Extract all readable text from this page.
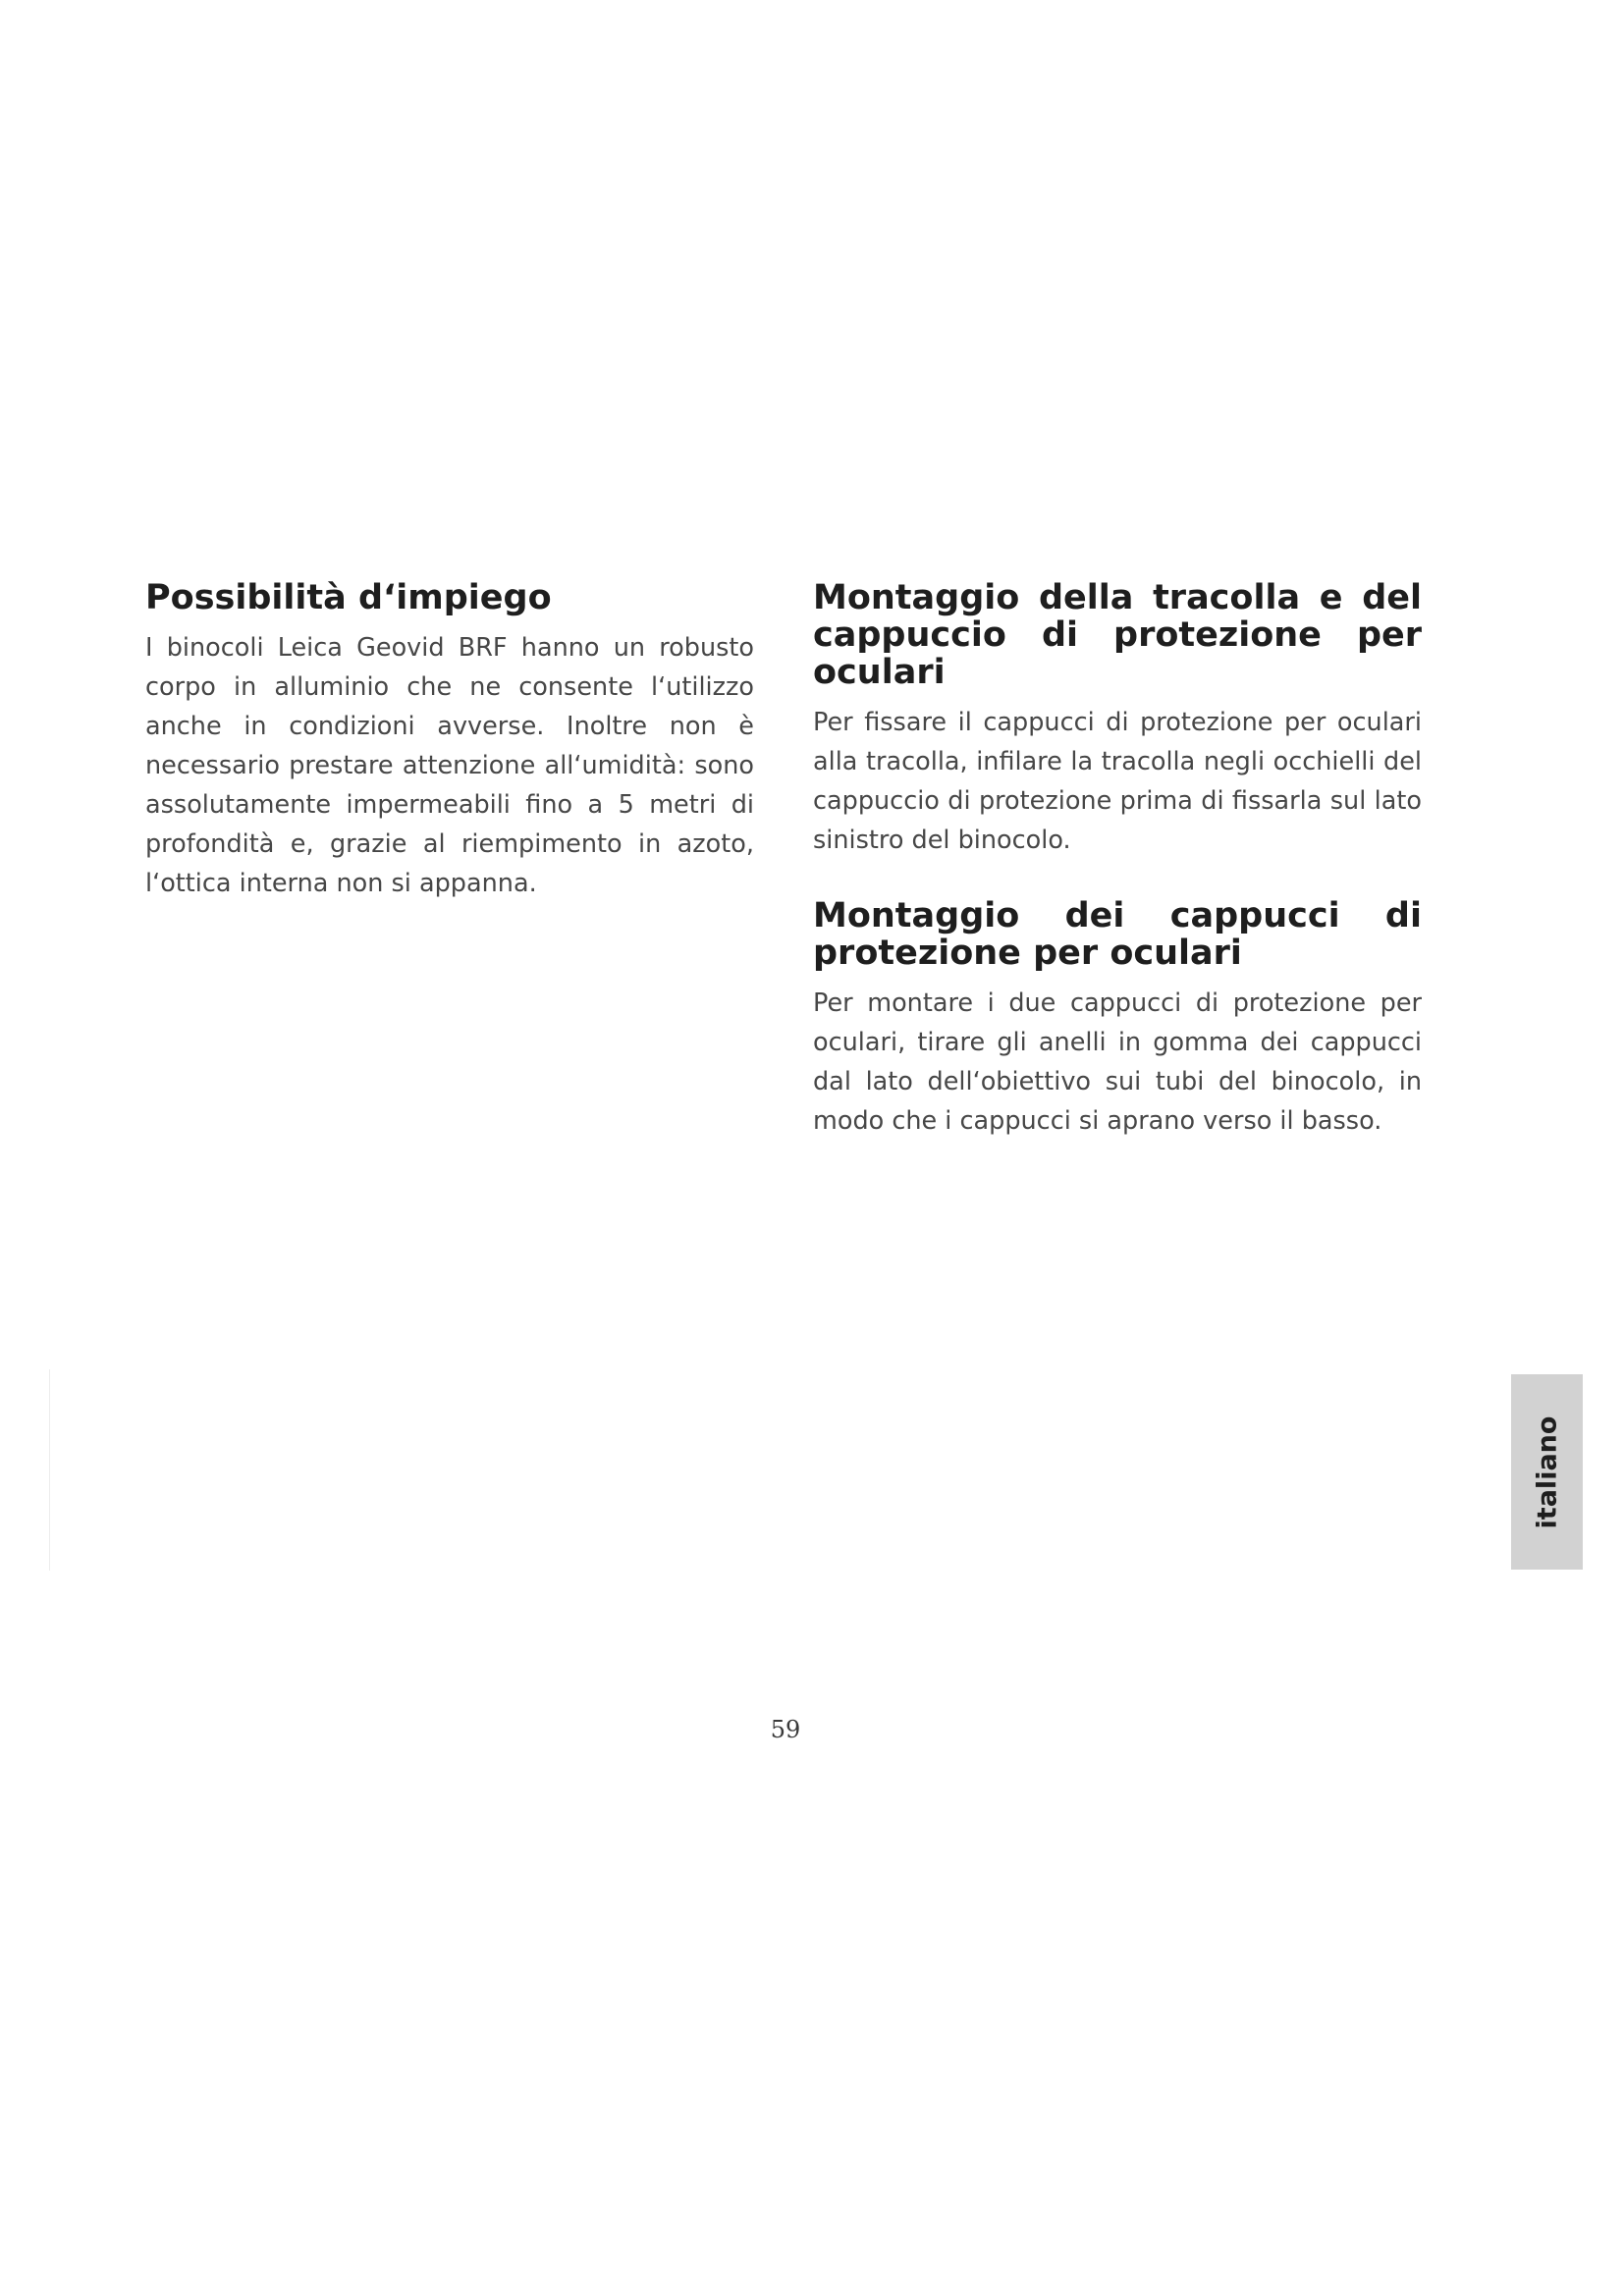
Possibilità d‘impiego

I binocoli Leica Geovid BRF hanno un robusto corpo in alluminio che ne consente l‘utilizzo anche in condizioni avverse. Inoltre non è necessario prestare attenzione all‘umidità: sono assolutamente impermeabili fino a 5 metri di profondità e, grazie al riempimento in azoto, l‘ottica interna non si appanna.

Montaggio della tracolla e del cappuccio di protezione per oculari

Per fissare il cappucci di protezione per oculari alla tracolla, infilare la tracolla negli occhielli del cappuccio di protezione prima di fissarla sul lato sinistro del binocolo.

Montaggio dei cappucci di protezione per oculari

Per montare i due cappucci di protezione per oculari, tirare gli anelli in gomma dei cappucci dal lato dell‘obiettivo sui tubi del binocolo, in modo che i cappucci si aprano verso il basso.

italiano
59
